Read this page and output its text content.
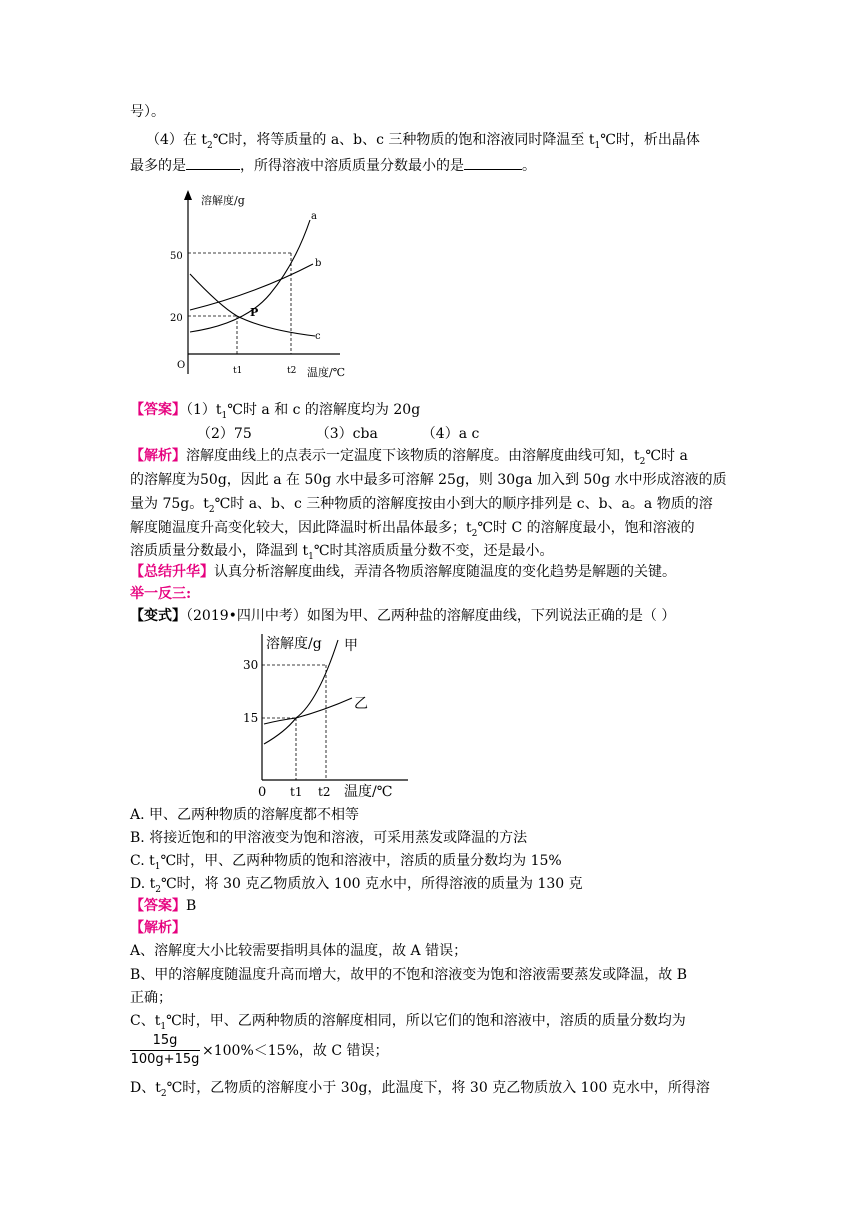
号）。
（4）在 $t_2℃$时，将等质量的 a、b、c 三种物质的饱和溶液同时降温至 $t_1℃$时，析出晶体
最多的是	，所得溶液中溶质质量分数最小的是	。
溶解度/g
50
20
O	t1	t2 温度/℃
a
b
c
P
【答案】$(1)t_1℃$时 a 和 c 的溶解度均为 20g
（2）75	（3）cba	（4）a c
【解析】溶解度曲线上的点表示一定温度下该物质的溶解度。由溶解度曲线可知，$t_2℃$时 a
的溶解度为50g，因此 a 在 50g 水中最多可溶解 25g，则 30ga 加入到 50g 水中形成溶液的质
量为 75g。$t_2℃$时 a、b、c 三种物质的溶解度按由小到大的顺序排列是 c、b、a。a 物质的溶
解度随温度升高变化较大，因此降温时析出晶体最多；$t_2℃$时 C 的溶解度最小，饱和溶液的
溶质质量分数最小，降温到 $t_1℃$时其溶质质量分数不变，还是最小。
【总结升华】认真分析溶解度曲线，弄清各物质溶解度随温度的变化趋势是解题的关键。
举一反三:
【变式】（2019•四川中考）如图为甲、乙两种盐的溶解度曲线，下列说法正确的是（ ）
溶解度/g 甲
乙
30
15
0 t1 t2 温度/℃
A. 甲、乙两种物质的溶解度都不相等
B. 将接近饱和的甲溶液变为饱和溶液，可采用蒸发或降温的方法
C. $t_1℃$时，甲、乙两种物质的饱和溶液中，溶质的质量分数均为 15%
D. $t_2℃$时，将 30 克乙物质放入 100 克水中，所得溶液的质量为 130 克
【答案】B
【解析】
A、溶解度大小比较需要指明具体的温度，故 A 错误；
B、甲的溶解度随温度升高而增大，故甲的不饱和溶液变为饱和溶液需要蒸发或降温，故 B
正确；
C、$t_1℃$时，甲、乙两种物质的溶解度相同，所以它们的饱和溶液中，溶质的质量分数均为
$\frac{15g}{100g+15g} \times 100\%<15\%$，故 C 错误；
D、$t_2℃$时，乙物质的溶解度小于 30g，此温度下，将 30 克乙物质放入 100 克水中，所得溶
